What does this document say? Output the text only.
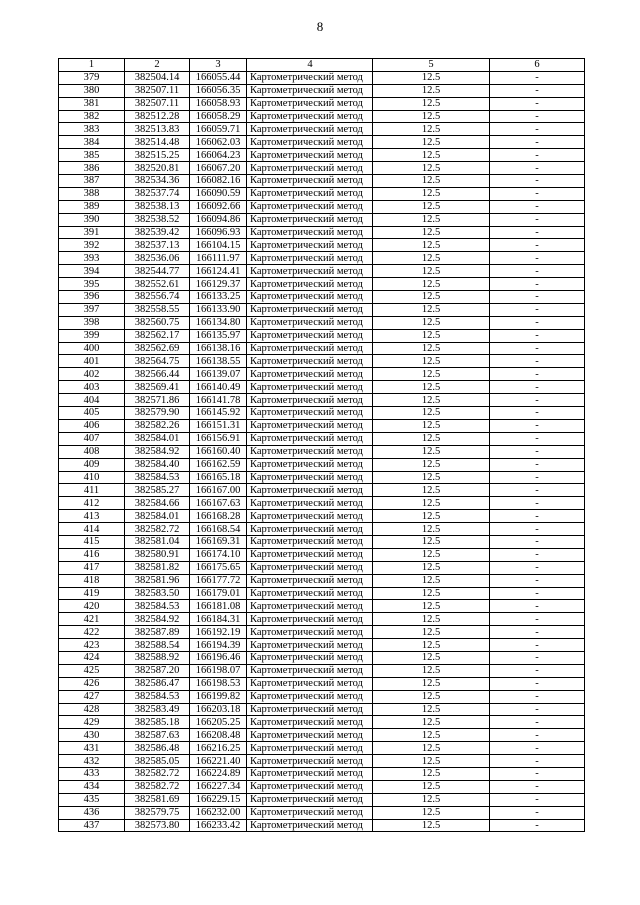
8
1	2	3	4	5	6
379	382504.14	166055.44	Картометрический метод	12.5	-
380	382507.11	166056.35	Картометрический метод	12.5	-
381	382507.11	166058.93	Картометрический метод	12.5	-
382	382512.28	166058.29	Картометрический метод	12.5	-
383	382513.83	166059.71	Картометрический метод	12.5	-
384	382514.48	166062.03	Картометрический метод	12.5	-
385	382515.25	166064.23	Картометрический метод	12.5	-
386	382520.81	166067.20	Картометрический метод	12.5	-
387	382534.36	166082.16	Картометрический метод	12.5	-
388	382537.74	166090.59	Картометрический метод	12.5	-
389	382538.13	166092.66	Картометрический метод	12.5	-
390	382538.52	166094.86	Картометрический метод	12.5	-
391	382539.42	166096.93	Картометрический метод	12.5	-
392	382537.13	166104.15	Картометрический метод	12.5	-
393	382536.06	166111.97	Картометрический метод	12.5	-
394	382544.77	166124.41	Картометрический метод	12.5	-
395	382552.61	166129.37	Картометрический метод	12.5	-
396	382556.74	166133.25	Картометрический метод	12.5	-
397	382558.55	166133.90	Картометрический метод	12.5	-
398	382560.75	166134.80	Картометрический метод	12.5	-
399	382562.17	166135.97	Картометрический метод	12.5	-
400	382562.69	166138.16	Картометрический метод	12.5	-
401	382564.75	166138.55	Картометрический метод	12.5	-
402	382566.44	166139.07	Картометрический метод	12.5	-
403	382569.41	166140.49	Картометрический метод	12.5	-
404	382571.86	166141.78	Картометрический метод	12.5	-
405	382579.90	166145.92	Картометрический метод	12.5	-
406	382582.26	166151.31	Картометрический метод	12.5	-
407	382584.01	166156.91	Картометрический метод	12.5	-
408	382584.92	166160.40	Картометрический метод	12.5	-
409	382584.40	166162.59	Картометрический метод	12.5	-
410	382584.53	166165.18	Картометрический метод	12.5	-
411	382585.27	166167.00	Картометрический метод	12.5	-
412	382584.66	166167.63	Картометрический метод	12.5	-
413	382584.01	166168.28	Картометрический метод	12.5	-
414	382582.72	166168.54	Картометрический метод	12.5	-
415	382581.04	166169.31	Картометрический метод	12.5	-
416	382580.91	166174.10	Картометрический метод	12.5	-
417	382581.82	166175.65	Картометрический метод	12.5	-
418	382581.96	166177.72	Картометрический метод	12.5	-
419	382583.50	166179.01	Картометрический метод	12.5	-
420	382584.53	166181.08	Картометрический метод	12.5	-
421	382584.92	166184.31	Картометрический метод	12.5	-
422	382587.89	166192.19	Картометрический метод	12.5	-
423	382588.54	166194.39	Картометрический метод	12.5	-
424	382588.92	166196.46	Картометрический метод	12.5	-
425	382587.20	166198.07	Картометрический метод	12.5	-
426	382586.47	166198.53	Картометрический метод	12.5	-
427	382584.53	166199.82	Картометрический метод	12.5	-
428	382583.49	166203.18	Картометрический метод	12.5	-
429	382585.18	166205.25	Картометрический метод	12.5	-
430	382587.63	166208.48	Картометрический метод	12.5	-
431	382586.48	166216.25	Картометрический метод	12.5	-
432	382585.05	166221.40	Картометрический метод	12.5	-
433	382582.72	166224.89	Картометрический метод	12.5	-
434	382582.72	166227.34	Картометрический метод	12.5	-
435	382581.69	166229.15	Картометрический метод	12.5	-
436	382579.75	166232.00	Картометрический метод	12.5	-
437	382573.80	166233.42	Картометрический метод	12.5	-
